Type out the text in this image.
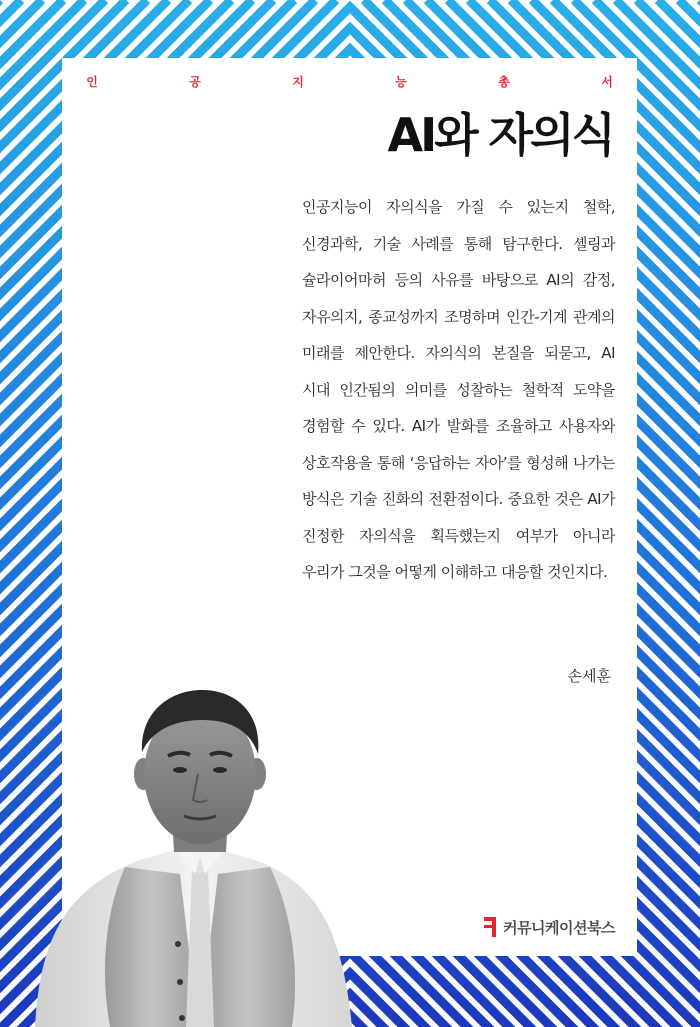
인	공	지	능	총	서
AI와 자의식
인공지능이 자의식을 가질 수 있는지 철학, 신경과학, 기술 사례를 통해 탐구한다. 셸링과 슐라이어마허 등의 사유를 바탕으로 AI의 감정, 자유의지, 종교성까지 조명하며 인간-기계 관계의 미래를 제안한다. 자의식의 본질을 되묻고, AI 시대 인간됨의 의미를 성찰하는 철학적 도약을 경험할 수 있다. AI가 발화를 조율하고 사용자와 상호작용을 통해 ‘응답하는 자아’를 형성해 나가는 방식은 기술 진화의 전환점이다. 중요한 것은 AI가 진정한 자의식을 획득했는지 여부가 아니라 우리가 그것을 어떻게 이해하고 대응할 것인지다.
손세훈
커뮤니케이션북스
